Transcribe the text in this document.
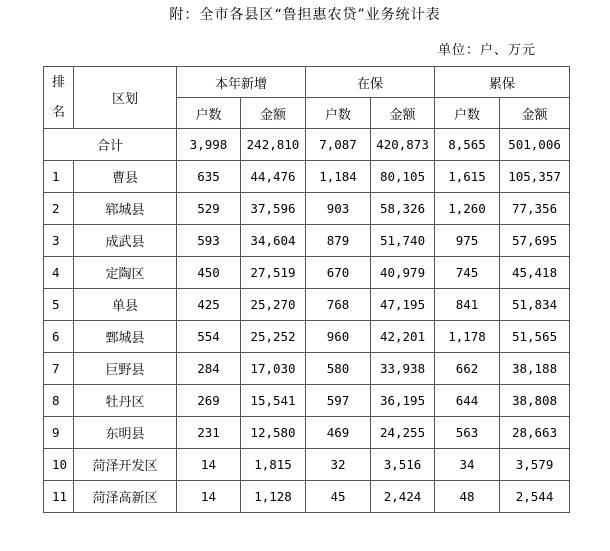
附：全市各县区“鲁担惠农贷”业务统计表
单位：户、万元
排
名	区划	本年新增		在保		累保	
		户数	金额	户数	金额	户数	金额
合计		3,998	242,810	7,087	420,873	8,565	501,006
1	曹县	635	44,476	1,184	80,105	1,615	105,357
2	郓城县	529	37,596	903	58,326	1,260	77,356
3	成武县	593	34,604	879	51,740	975	57,695
4	定陶区	450	27,519	670	40,979	745	45,418
5	单县	425	25,270	768	47,195	841	51,834
6	鄄城县	554	25,252	960	42,201	1,178	51,565
7	巨野县	284	17,030	580	33,938	662	38,188
8	牡丹区	269	15,541	597	36,195	644	38,808
9	东明县	231	12,580	469	24,255	563	28,663
10	菏泽开发区	14	1,815	32	3,516	34	3,579
11	菏泽高新区	14	1,128	45	2,424	48	2,544
